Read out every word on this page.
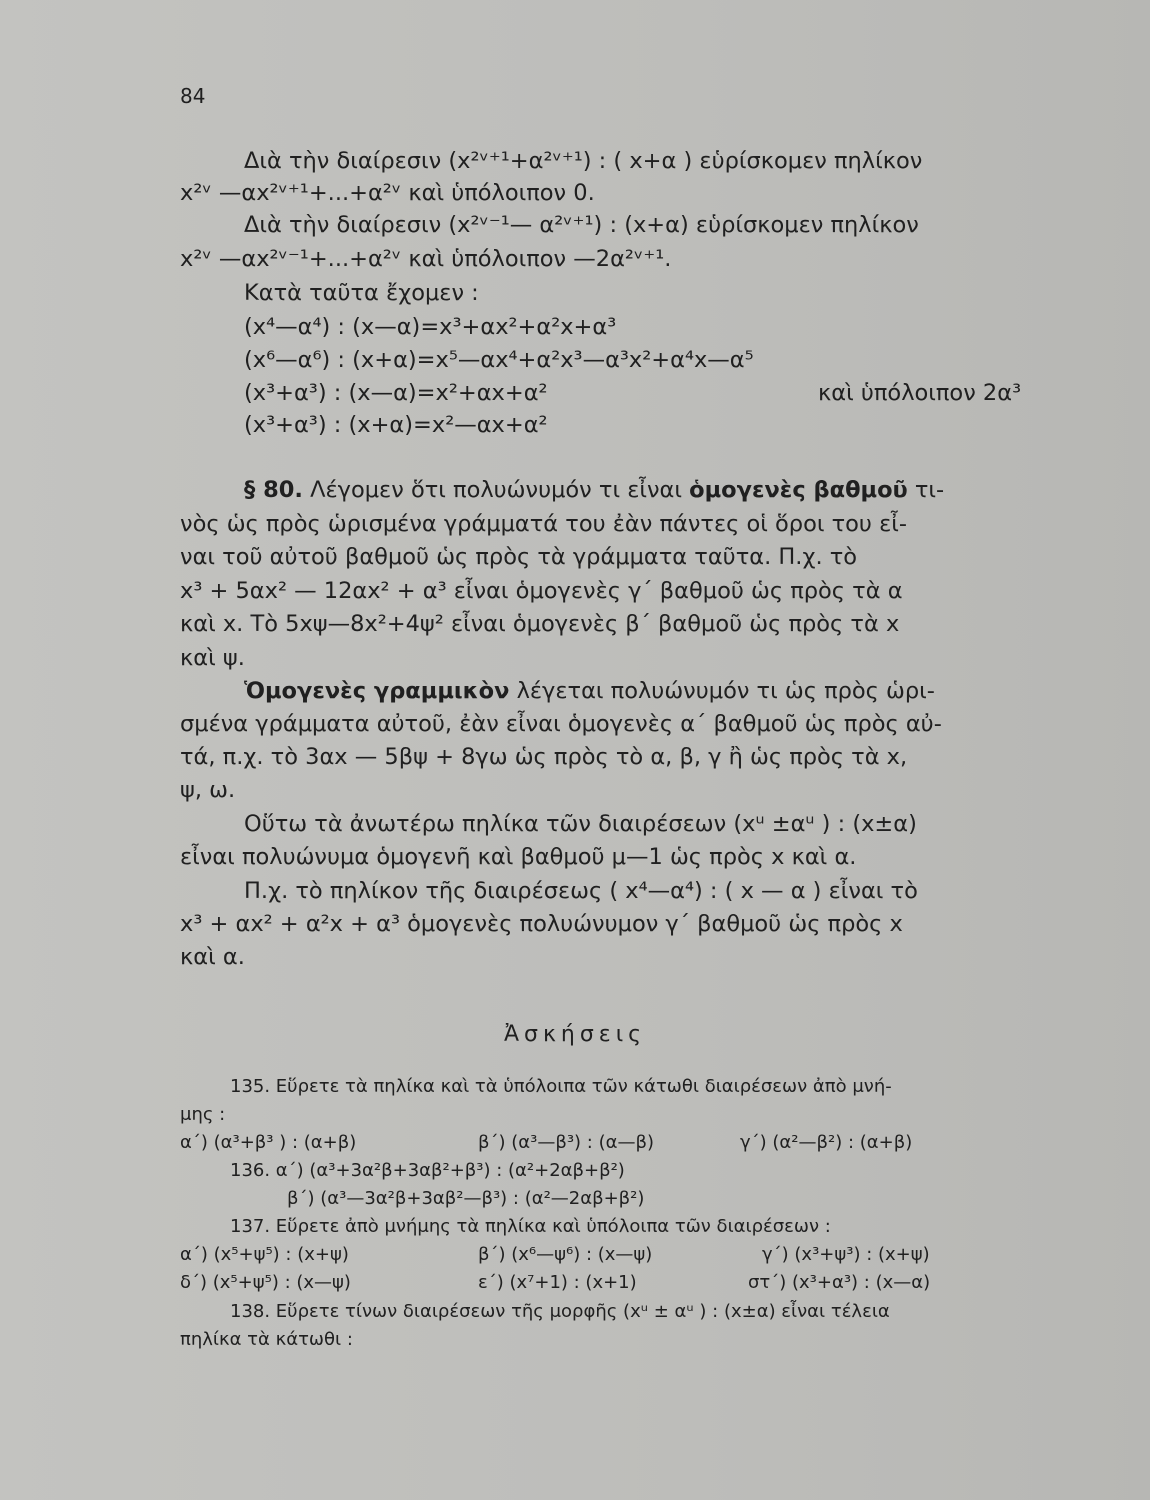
84
Διὰ τὴν διαίρεσιν (x²ᵛ⁺¹+α²ᵛ⁺¹) : ( x+α ) εὑρίσκομεν πηλίκον
x²ᵛ —αx²ᵛ⁺¹+...+α²ᵛ καὶ ὑπόλοιπον 0.
Διὰ τὴν διαίρεσιν (x²ᵛ⁻¹— α²ᵛ⁺¹) : (x+α) εὑρίσκομεν πηλίκον
x²ᵛ —αx²ᵛ⁻¹+...+α²ᵛ καὶ ὑπόλοιπον —2α²ᵛ⁺¹.
Κατὰ ταῦτα ἔχομεν :
(x⁴—α⁴) : (x—α)=x³+αx²+α²x+α³
(x⁶—α⁶) : (x+α)=x⁵—αx⁴+α²x³—α³x²+α⁴x—α⁵
(x³+α³) : (x—α)=x²+αx+α²	καὶ ὑπόλοιπον 2α³
(x³+α³) : (x+α)=x²—αx+α²
§ 80. Λέγομεν ὅτι πολυώνυμόν τι εἶναι ὁμογενὲς βαθμοῦ τι-
νὸς ὡς πρὸς ὡρισμένα γράμματά του ἐὰν πάντες οἱ ὅροι του εἶ-
ναι τοῦ αὐτοῦ βαθμοῦ ὡς πρὸς τὰ γράμματα ταῦτα. Π.χ. τὸ
x³ + 5αx² — 12αx² + α³ εἶναι ὁμογενὲς γ΄ βαθμοῦ ὡς πρὸς τὰ α
καὶ x. Τὸ 5xψ—8x²+4ψ² εἶναι ὁμογενὲς β΄ βαθμοῦ ὡς πρὸς τὰ x
καὶ ψ.
Ὁμογενὲς γραμμικὸν λέγεται πολυώνυμόν τι ὡς πρὸς ὡρι-
σμένα γράμματα αὐτοῦ, ἐὰν εἶναι ὁμογενὲς α΄ βαθμοῦ ὡς πρὸς αὐ-
τά, π.χ. τὸ 3αx — 5βψ + 8γω ὡς πρὸς τὸ α, β, γ ἢ ὡς πρὸς τὰ x,
ψ, ω.
Οὕτω τὰ ἀνωτέρω πηλίκα τῶν διαιρέσεων (xᵘ ±αᵘ ) : (x±α)
εἶναι πολυώνυμα ὁμογενῆ καὶ βαθμοῦ μ—1 ὡς πρὸς x καὶ α.
Π.χ. τὸ πηλίκον τῆς διαιρέσεως ( x⁴—α⁴) : ( x — α ) εἶναι τὸ
x³ + αx² + α²x + α³ ὁμογενὲς πολυώνυμον γ΄ βαθμοῦ ὡς πρὸς x
καὶ α.
Ἀσκήσεις
135. Εὕρετε τὰ πηλίκα καὶ τὰ ὑπόλοιπα τῶν κάτωθι διαιρέσεων ἀπὸ μνή-
μης :
α΄) (α³+β³ ) : (α+β)	β΄) (α³—β³) : (α—β)	γ΄) (α²—β²) : (α+β)
136. α΄) (α³+3α²β+3αβ²+β³) : (α²+2αβ+β²)
β΄) (α³—3α²β+3αβ²—β³) : (α²—2αβ+β²)
137. Εὕρετε ἀπὸ μνήμης τὰ πηλίκα καὶ ὑπόλοιπα τῶν διαιρέσεων :
α΄) (x⁵+ψ⁵) : (x+ψ)	β΄) (x⁶—ψ⁶) : (x—ψ)	γ΄) (x³+ψ³) : (x+ψ)
δ΄) (x⁵+ψ⁵) : (x—ψ)	ε΄) (x⁷+1) : (x+1)	στ΄) (x³+α³) : (x—α)
138. Εὕρετε τίνων διαιρέσεων τῆς μορφῆς (xᵘ ± αᵘ ) : (x±α) εἶναι τέλεια
πηλίκα τὰ κάτωθι :
